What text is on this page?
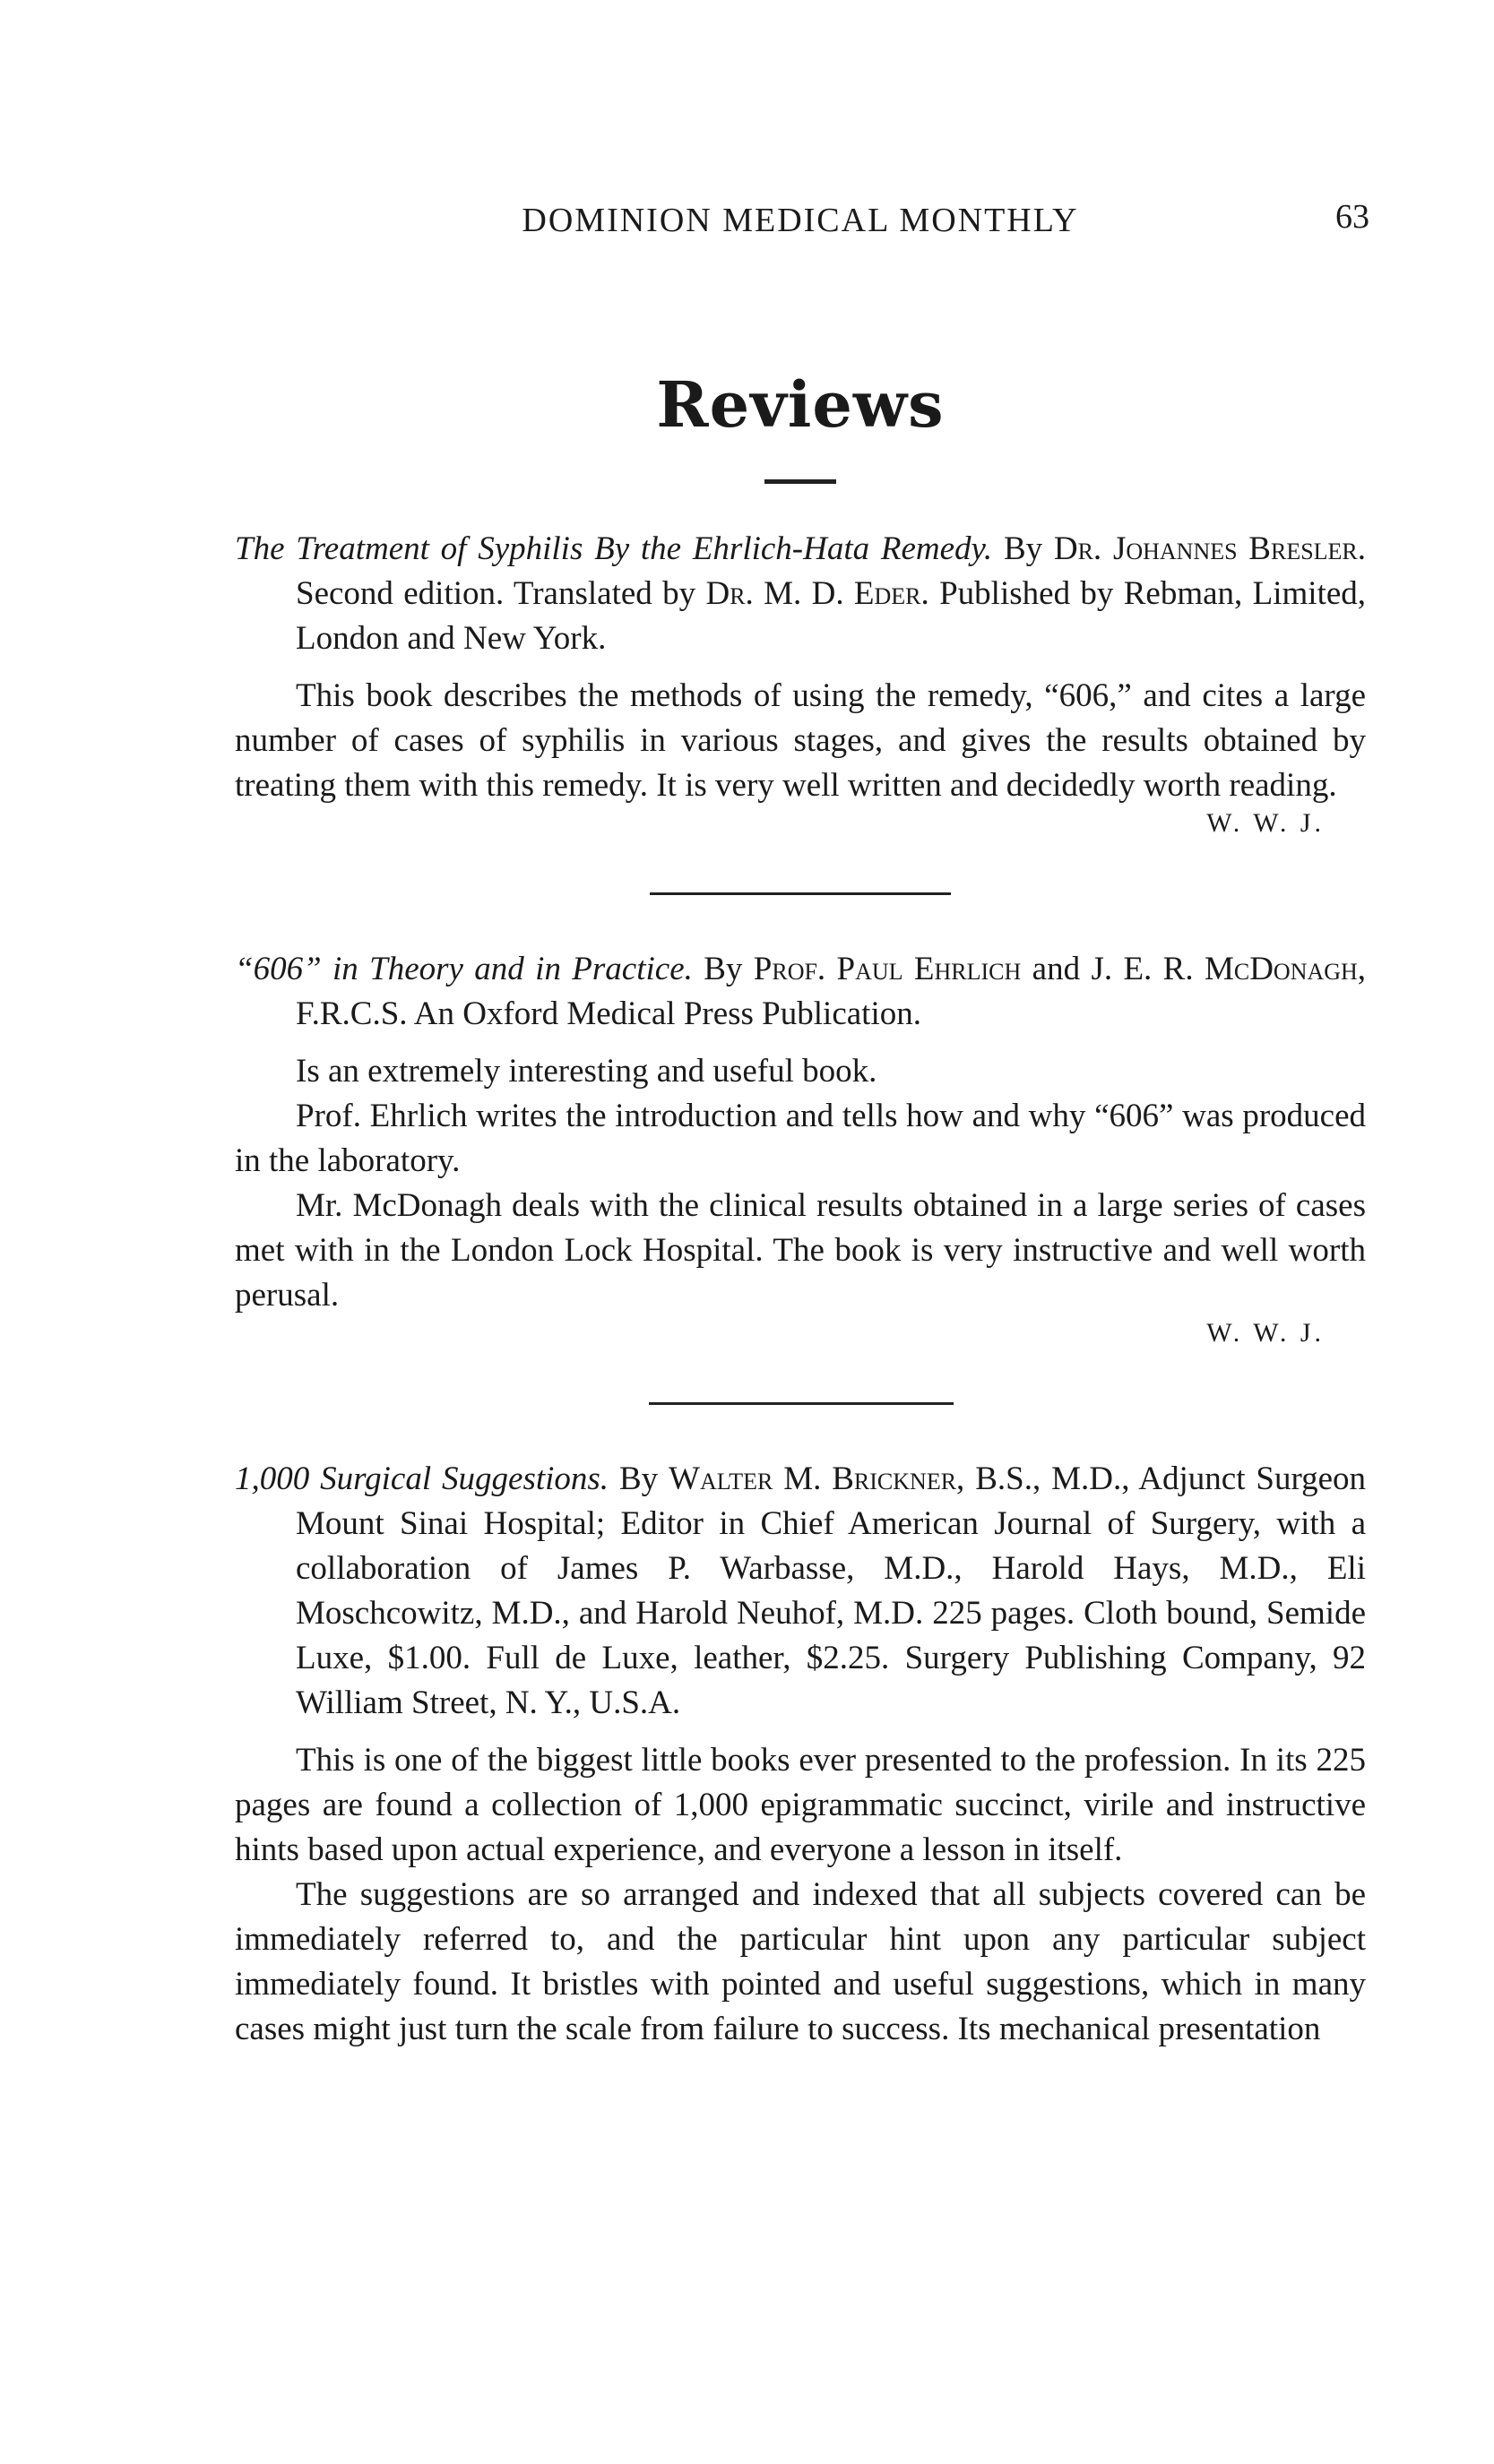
DOMINION MEDICAL MONTHLY	63
Reviews
The Treatment of Syphilis By the Ehrlich-Hata Remedy. By Dr. Johannes Bresler. Second edition. Translated by Dr. M. D. Eder. Published by Rebman, Limited, London and New York.

This book describes the methods of using the remedy, “606,” and cites a large number of cases of syphilis in various stages, and gives the results obtained by treating them with this remedy. It is very well written and decidedly worth reading.

W. W. J.
“606” in Theory and in Practice. By Prof. Paul Ehrlich and J. E. R. McDonagh, F.R.C.S. An Oxford Medical Press Publication.

Is an extremely interesting and useful book.

Prof. Ehrlich writes the introduction and tells how and why “606” was produced in the laboratory.

Mr. McDonagh deals with the clinical results obtained in a large series of cases met with in the London Lock Hospital. The book is very instructive and well worth perusal.

W. W. J.
1,000 Surgical Suggestions. By Walter M. Brickner, B.S., M.D., Adjunct Surgeon Mount Sinai Hospital; Editor in Chief American Journal of Surgery, with a collaboration of James P. Warbasse, M.D., Harold Hays, M.D., Eli Moschcowitz, M.D., and Harold Neuhof, M.D. 225 pages. Cloth bound, Semide Luxe, $1.00. Full de Luxe, leather, $2.25. Surgery Publishing Company, 92 William Street, N. Y., U.S.A.

This is one of the biggest little books ever presented to the profession. In its 225 pages are found a collection of 1,000 epigrammatic succinct, virile and instructive hints based upon actual experience, and everyone a lesson in itself.

The suggestions are so arranged and indexed that all subjects covered can be immediately referred to, and the particular hint upon any particular subject immediately found. It bristles with pointed and useful suggestions, which in many cases might just turn the scale from failure to success. Its mechanical presentation
